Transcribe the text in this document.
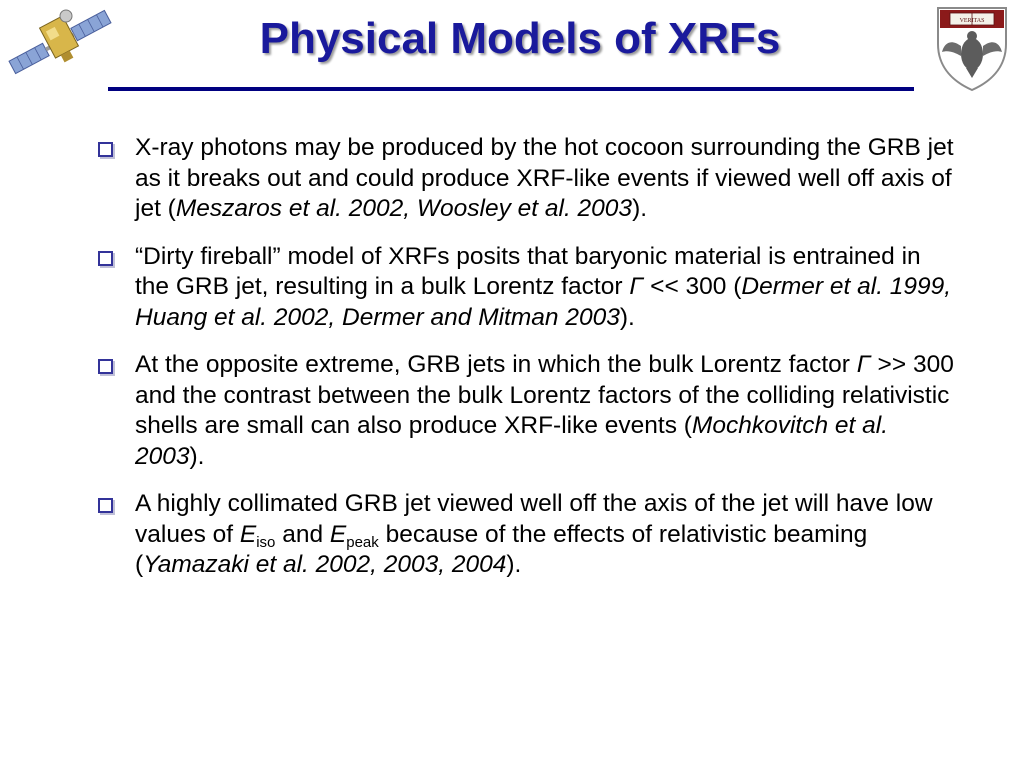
Physical Models of XRFs	VERITAS
X-ray photons may be produced by the hot cocoon surrounding the GRB jet as it breaks out and could produce XRF-like events if viewed well off axis of jet (Meszaros et al. 2002, Woosley et al. 2003).
“Dirty fireball” model of XRFs posits that baryonic material is entrained in the GRB jet, resulting in a bulk Lorentz factor Γ << 300 (Dermer et al. 1999, Huang et al. 2002, Dermer and Mitman 2003).
At the opposite extreme, GRB jets in which the bulk Lorentz factor Γ >> 300 and the contrast between the bulk Lorentz factors of the colliding relativistic shells are small can also produce XRF-like events (Mochkovitch et al. 2003).
A highly collimated GRB jet viewed well off the axis of the jet will have low values of $E_{iso}$ and $E_{peak}$ because of the effects of relativistic beaming (Yamazaki et al. 2002, 2003, 2004).
